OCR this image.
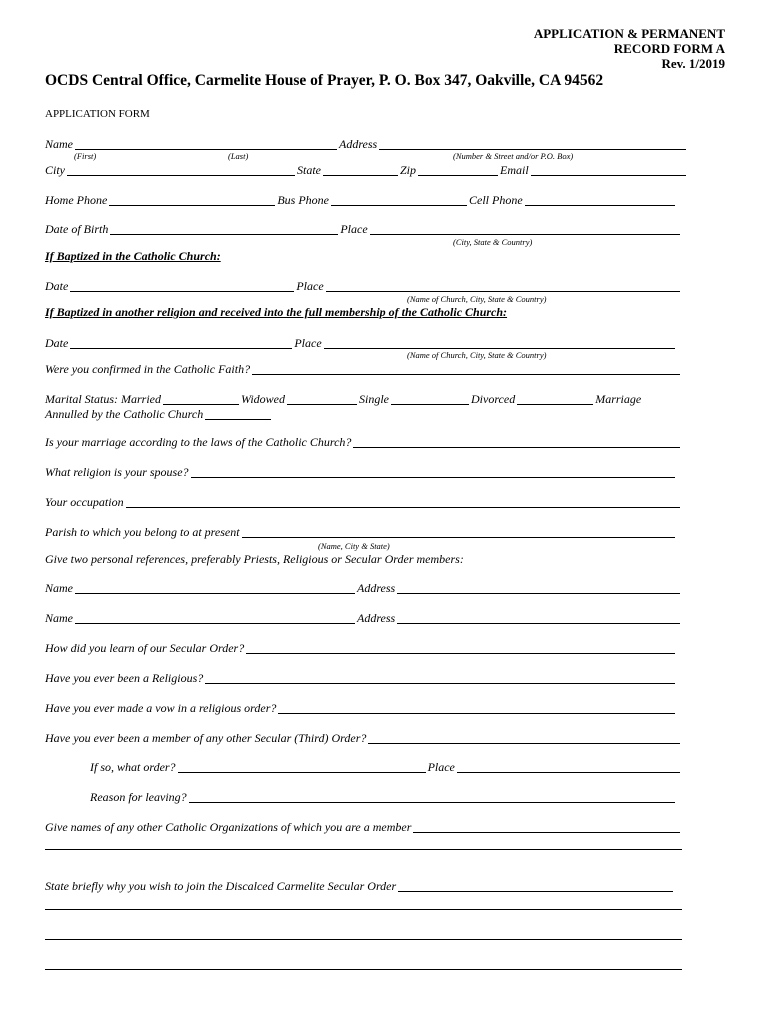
APPLICATION & PERMANENT
RECORD FORM A
Rev. 1/2019
OCDS Central Office, Carmelite House of Prayer, P. O. Box 347, Oakville, CA 94562
APPLICATION FORM
Name	Address
(First)	(Last)	(Number & Street and/or P.O. Box)
City	State	Zip	Email
Home Phone	Bus Phone	Cell Phone
Date of Birth	Place
(City, State & Country)
If Baptized in the Catholic Church:
Date	Place
(Name of Church, City, State & Country)
If Baptized in another religion and received into the full membership of the Catholic Church:
Date	Place
(Name of Church, City, State & Country)
Were you confirmed in the Catholic Faith?
Marital Status: Married	Widowed	Single	Divorced	Marriage
Annulled by the Catholic Church
Is your marriage according to the laws of the Catholic Church?
What religion is your spouse?
Your occupation
Parish to which you belong to at present
(Name, City & State)
Give two personal references, preferably Priests, Religious or Secular Order members:
Name	Address
Name	Address
How did you learn of our Secular Order?
Have you ever been a Religious?
Have you ever made a vow in a religious order?
Have you ever been a member of any other Secular (Third) Order?
If so, what order?	Place
Reason for leaving?
Give names of any other Catholic Organizations of which you are a member
State briefly why you wish to join the Discalced Carmelite Secular Order
